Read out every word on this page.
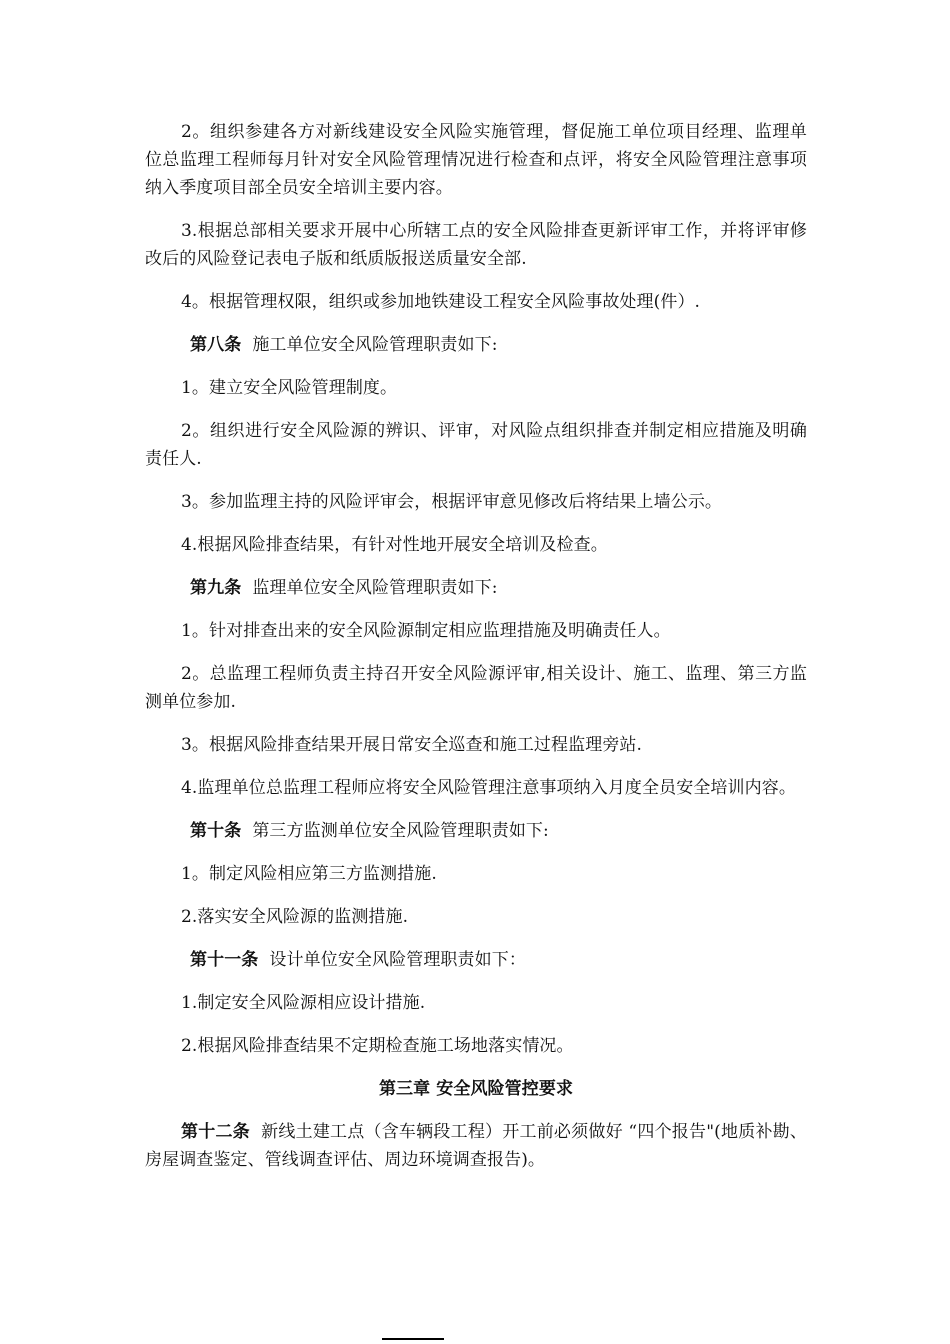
2。组织参建各方对新线建设安全风险实施管理，督促施工单位项目经理、监理单位总监理工程师每月针对安全风险管理情况进行检查和点评，将安全风险管理注意事项纳入季度项目部全员安全培训主要内容。

3.根据总部相关要求开展中心所辖工点的安全风险排查更新评审工作，并将评审修改后的风险登记表电子版和纸质版报送质量安全部.

4。根据管理权限，组织或参加地铁建设工程安全风险事故处理(件）.

第八条 施工单位安全风险管理职责如下:

1。建立安全风险管理制度。

2。组织进行安全风险源的辨识、评审，对风险点组织排查并制定相应措施及明确责任人.

3。参加监理主持的风险评审会，根据评审意见修改后将结果上墙公示。

4.根据风险排查结果，有针对性地开展安全培训及检查。

第九条 监理单位安全风险管理职责如下:

1。针对排查出来的安全风险源制定相应监理措施及明确责任人。

2。总监理工程师负责主持召开安全风险源评审,相关设计、施工、监理、第三方监测单位参加.

3。根据风险排查结果开展日常安全巡查和施工过程监理旁站.

4.监理单位总监理工程师应将安全风险管理注意事项纳入月度全员安全培训内容。

第十条 第三方监测单位安全风险管理职责如下:

1。制定风险相应第三方监测措施.

2.落实安全风险源的监测措施.

第十一条 设计单位安全风险管理职责如下：

1.制定安全风险源相应设计措施.

2.根据风险排查结果不定期检查施工场地落实情况。

第三章 安全风险管控要求

第十二条 新线土建工点（含车辆段工程）开工前必须做好 “四个报告"(地质补勘、房屋调查鉴定、管线调查评估、周边环境调查报告)。
